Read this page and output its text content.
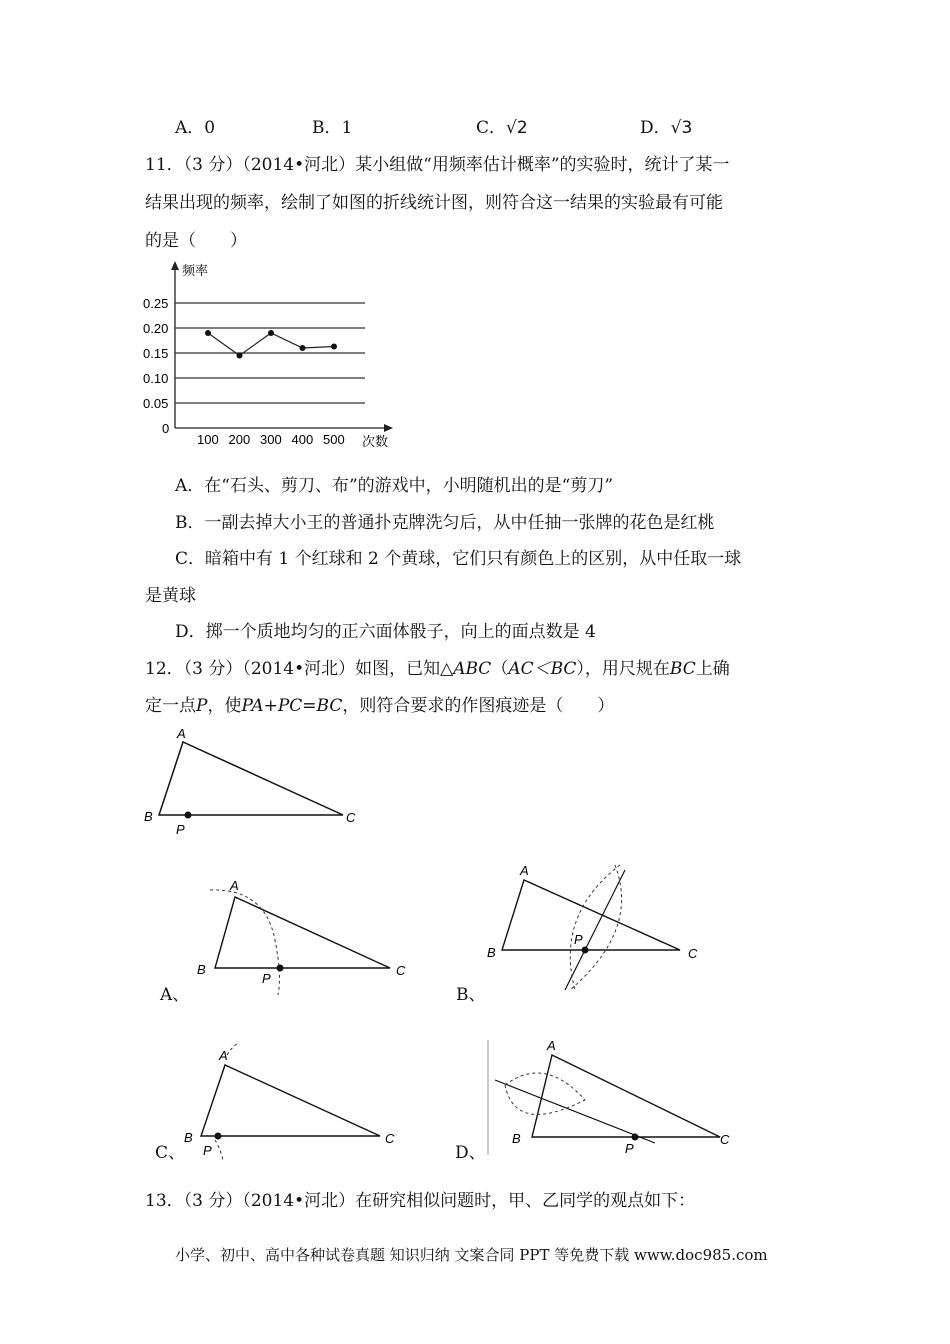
A．0	B．1	C．√2	D．√3
11．（3 分）（2014•河北）某小组做“用频率估计概率”的实验时，统计了某一
结果出现的频率，绘制了如图的折线统计图，则符合这一结果的实验最有可能
的是（　　）
频率
次数
0.25
0.20
0.15
0.10
0.05
0
100 200 300 400 500
A．在“石头、剪刀、布”的游戏中，小明随机出的是“剪刀”
B．一副去掉大小王的普通扑克牌洗匀后，从中任抽一张牌的花色是红桃
C．暗箱中有 1 个红球和 2 个黄球，它们只有颜色上的区别，从中任取一球
是黄球
D．掷一个质地均匀的正六面体骰子，向上的面点数是 4
12．（3 分）（2014•河北）如图，已知△ABC（AC＜BC），用尺规在BC上确
定一点P，使PA+PC=BC，则符合要求的作图痕迹是（　　）
A
B	C
P
A
B	C
P
A、
A
B	C
P
B、
A
B	C
P
C、
A
B	C
P
D、
13．（3 分）（2014•河北）在研究相似问题时，甲、乙同学的观点如下：
小学、初中、高中各种试卷真题 知识归纳 文案合同 PPT 等免费下载 www.doc985.com
